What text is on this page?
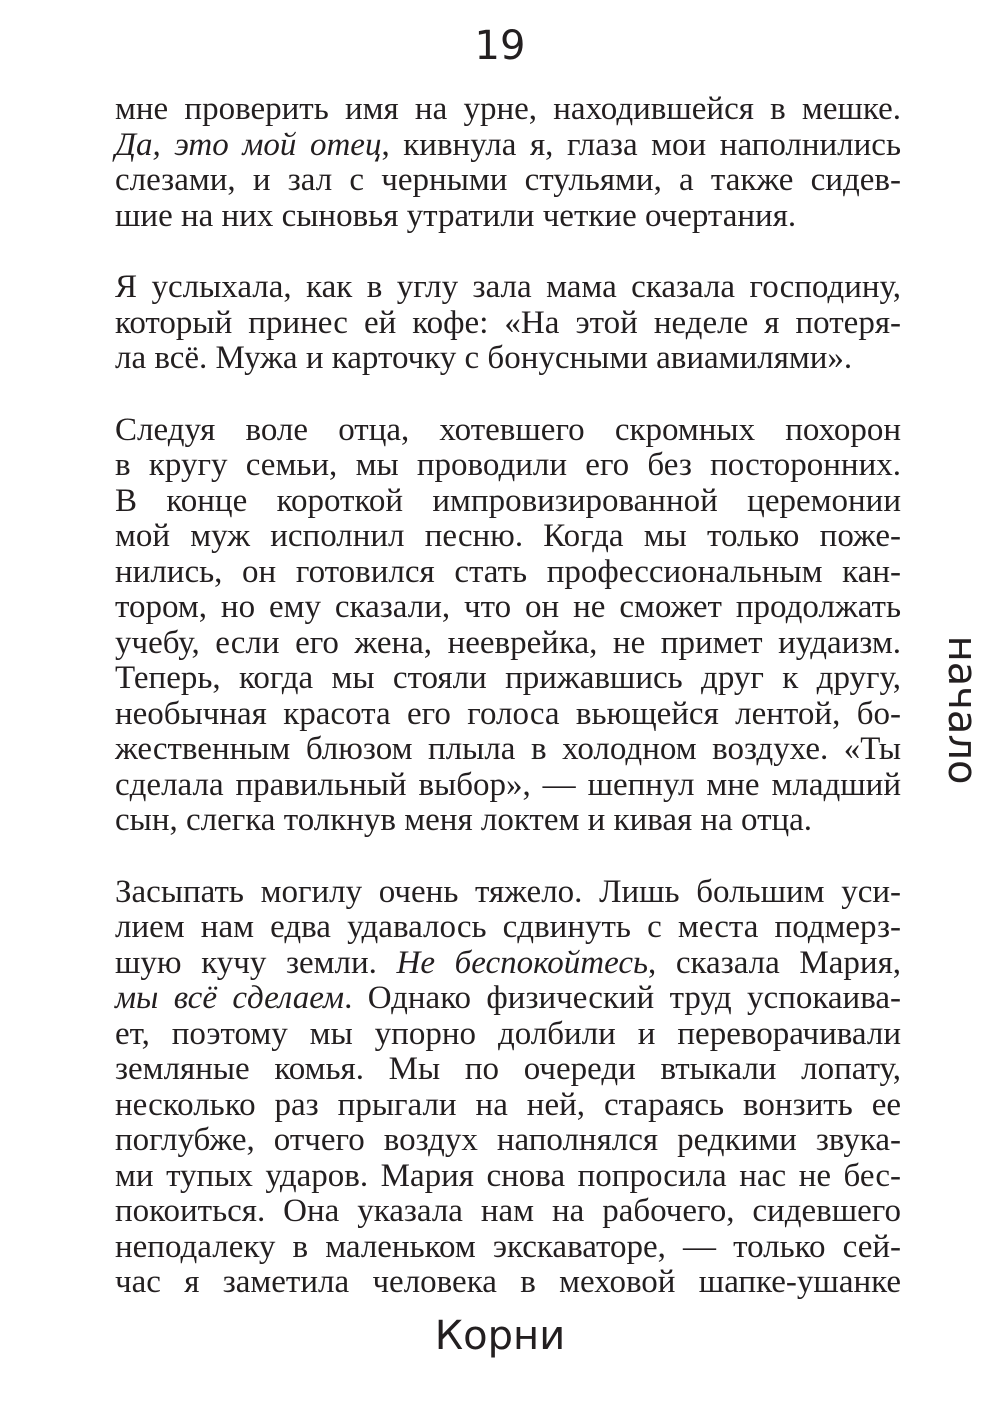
19
мне проверить имя на урне, находившейся в мешке.
Да, это мой отец, кивнула я, глаза мои наполнились
слезами, и зал с черными стульями, а также сидев-
шие на них сыновья утратили четкие очертания.
Я услыхала, как в углу зала мама сказала господину,
который принес ей кофе: «На этой неделе я потеря-
ла всё. Мужа и карточку с бонусными авиамилями».
Следуя воле отца, хотевшего скромных похорон
в кругу семьи, мы проводили его без посторонних.
В конце короткой импровизированной церемонии
мой муж исполнил песню. Когда мы только поже-
нились, он готовился стать профессиональным кан-
тором, но ему сказали, что он не сможет продолжать
учебу, если его жена, нееврейка, не примет иудаизм.
Теперь, когда мы стояли прижавшись друг к другу,
необычная красота его голоса вьющейся лентой, бо-
жественным блюзом плыла в холодном воздухе. «Ты
сделала правильный выбор», — шепнул мне младший
сын, слегка толкнув меня локтем и кивая на отца.
Засыпать могилу очень тяжело. Лишь большим уси-
лием нам едва удавалось сдвинуть с места подмерз-
шую кучу земли. Не беспокойтесь, сказала Мария,
мы всё сделаем. Однако физический труд успокаива-
ет, поэтому мы упорно долбили и переворачивали
земляные комья. Мы по очереди втыкали лопату,
несколько раз прыгали на ней, стараясь вонзить ее
поглубже, отчего воздух наполнялся редкими звука-
ми тупых ударов. Мария снова попросила нас не бес-
покоиться. Она указала нам на рабочего, сидевшего
неподалеку в маленьком экскаваторе, — только сей-
час я заметила человека в меховой шапке-ушанке
начало
Корни
